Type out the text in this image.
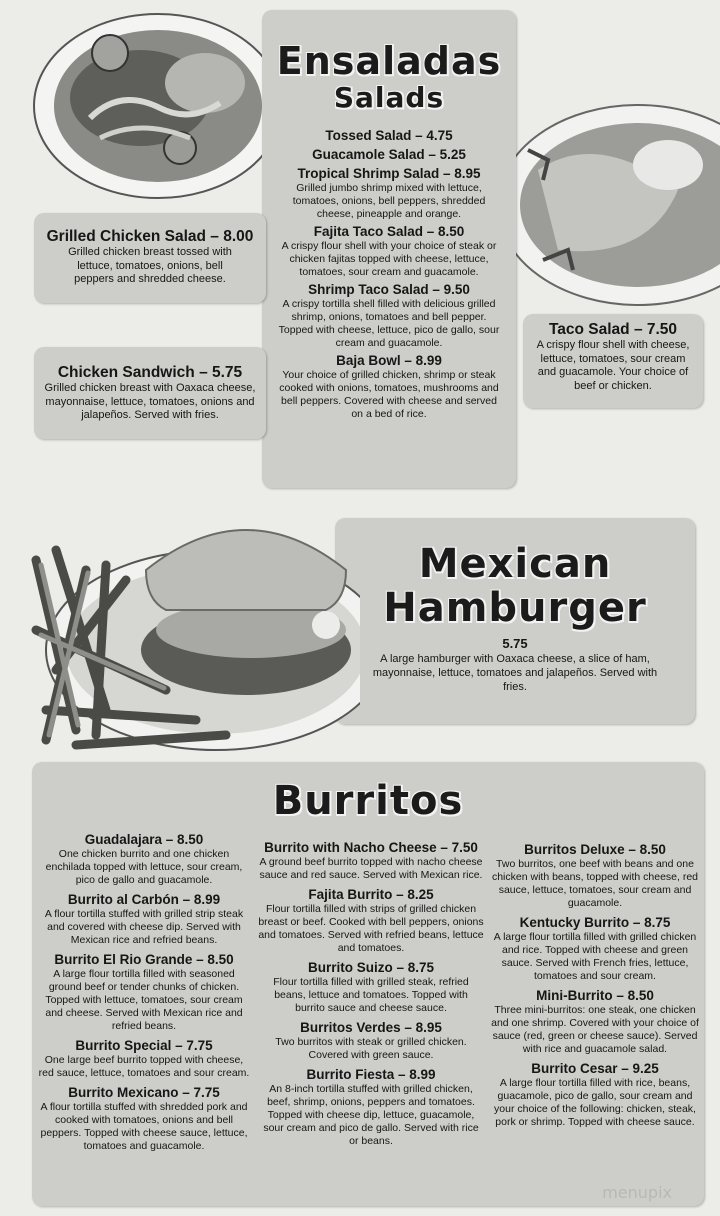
Ensaladas
Salads
Tossed Salad – 4.75
Guacamole Salad – 5.25
Tropical Shrimp Salad – 8.95
Grilled jumbo shrimp mixed with lettuce, tomatoes, onions, bell peppers, shredded cheese, pineapple and orange.
Fajita Taco Salad – 8.50
A crispy flour shell with your choice of steak or chicken fajitas topped with cheese, lettuce, tomatoes, sour cream and guacamole.
Shrimp Taco Salad – 9.50
A crispy tortilla shell filled with delicious grilled shrimp, onions, tomatoes and bell pepper. Topped with cheese, lettuce, pico de gallo, sour cream and guacamole.
Baja Bowl – 8.99
Your choice of grilled chicken, shrimp or steak cooked with onions, tomatoes, mushrooms and bell peppers. Covered with cheese and served on a bed of rice.
Grilled Chicken Salad – 8.00
Grilled chicken breast tossed with lettuce, tomatoes, onions, bell peppers and shredded cheese.
Chicken Sandwich – 5.75
Grilled chicken breast with Oaxaca cheese, mayonnaise, lettuce, tomatoes, onions and jalapeños. Served with fries.
Taco Salad – 7.50
A crispy flour shell with cheese, lettuce, tomatoes, sour cream and guacamole. Your choice of beef or chicken.
Mexican
Hamburger
5.75
A large hamburger with Oaxaca cheese, a slice of ham, mayonnaise, lettuce, tomatoes and jalapeños. Served with fries.
Burritos
Guadalajara – 8.50
One chicken burrito and one chicken enchilada topped with lettuce, sour cream, pico de gallo and guacamole.
Burrito al Carbón – 8.99
A flour tortilla stuffed with grilled strip steak and covered with cheese dip. Served with Mexican rice and refried beans.
Burrito El Rio Grande – 8.50
A large flour tortilla filled with seasoned ground beef or tender chunks of chicken. Topped with lettuce, tomatoes, sour cream and cheese. Served with Mexican rice and refried beans.
Burrito Special – 7.75
One large beef burrito topped with cheese, red sauce, lettuce, tomatoes and sour cream.
Burrito Mexicano – 7.75
A flour tortilla stuffed with shredded pork and cooked with tomatoes, onions and bell peppers. Topped with cheese sauce, lettuce, tomatoes and guacamole.
Burrito with Nacho Cheese – 7.50
A ground beef burrito topped with nacho cheese sauce and red sauce. Served with Mexican rice.
Fajita Burrito – 8.25
Flour tortilla filled with strips of grilled chicken breast or beef. Cooked with bell peppers, onions and tomatoes. Served with refried beans, lettuce and tomatoes.
Burrito Suizo – 8.75
Flour tortilla filled with grilled steak, refried beans, lettuce and tomatoes. Topped with burrito sauce and cheese sauce.
Burritos Verdes – 8.95
Two burritos with steak or grilled chicken. Covered with green sauce.
Burrito Fiesta – 8.99
An 8-inch tortilla stuffed with grilled chicken, beef, shrimp, onions, peppers and tomatoes. Topped with cheese dip, lettuce, guacamole, sour cream and pico de gallo. Served with rice or beans.
Burritos Deluxe – 8.50
Two burritos, one beef with beans and one chicken with beans, topped with cheese, red sauce, lettuce, tomatoes, sour cream and guacamole.
Kentucky Burrito – 8.75
A large flour tortilla filled with grilled chicken and rice. Topped with cheese and green sauce. Served with French fries, lettuce, tomatoes and sour cream.
Mini-Burrito – 8.50
Three mini-burritos: one steak, one chicken and one shrimp. Covered with your choice of sauce (red, green or cheese sauce). Served with rice and guacamole salad.
Burrito Cesar – 9.25
A large flour tortilla filled with rice, beans, guacamole, pico de gallo, sour cream and your choice of the following: chicken, steak, pork or shrimp. Topped with cheese sauce.
menupix
